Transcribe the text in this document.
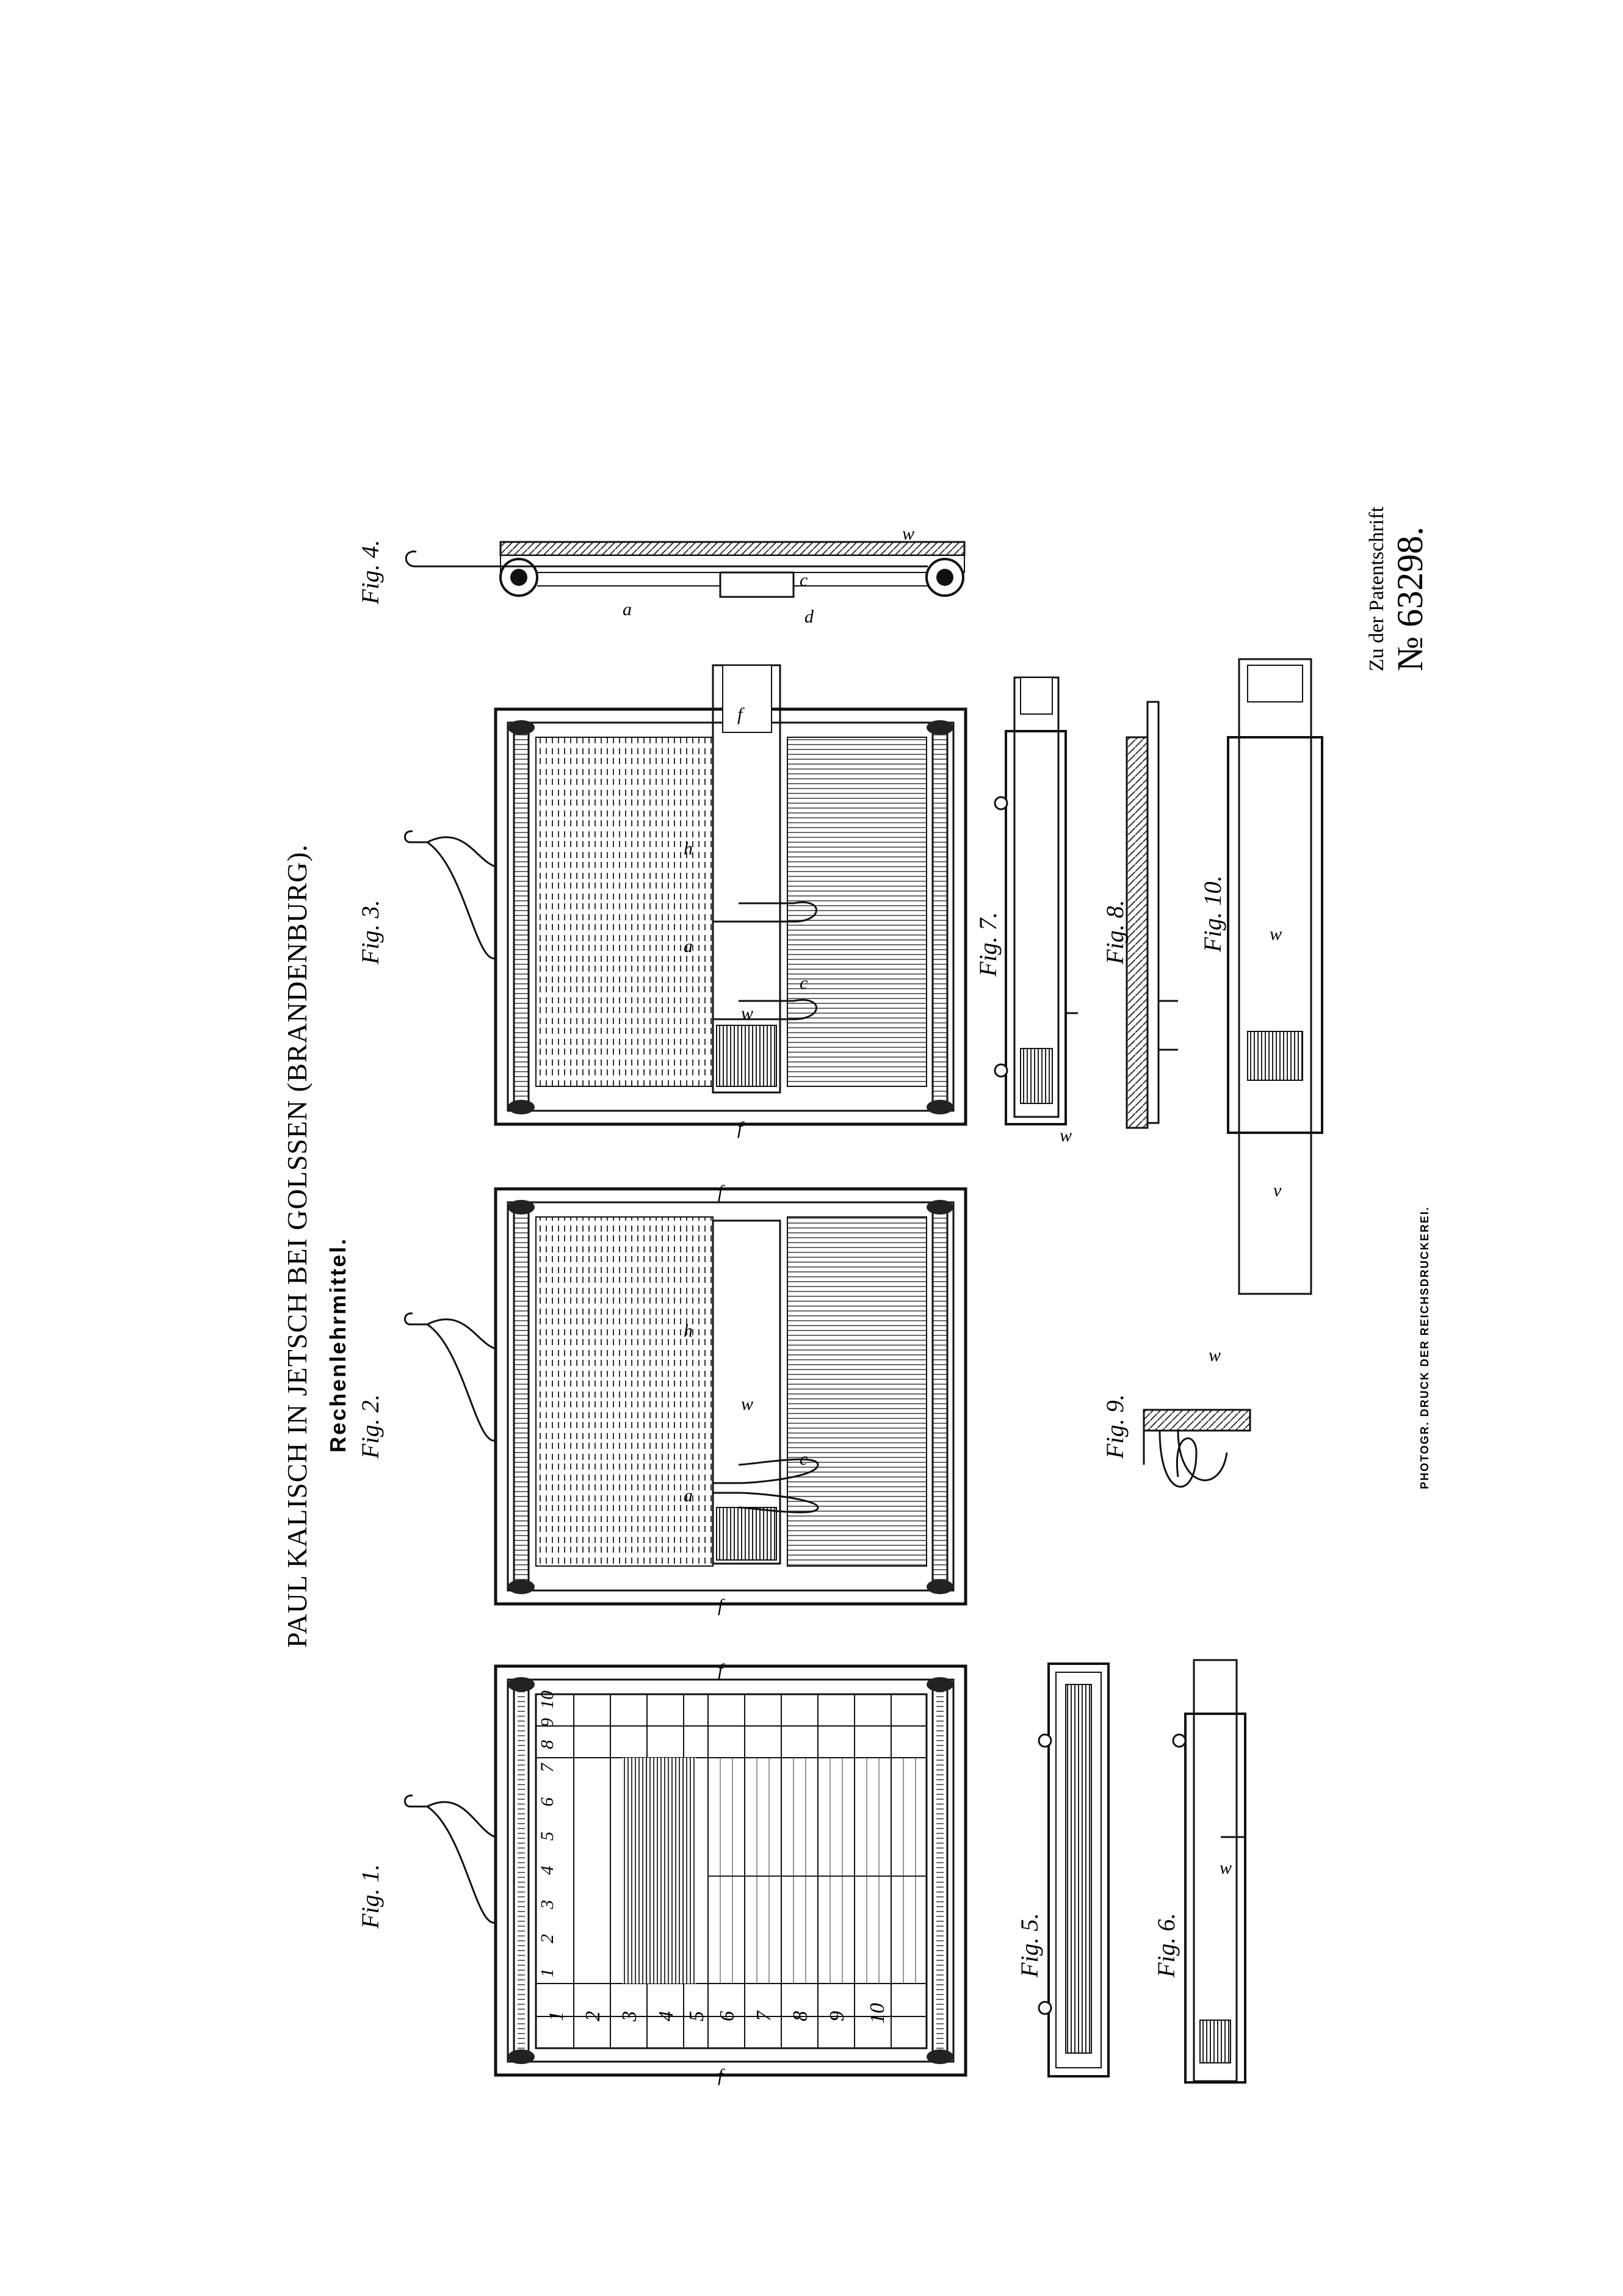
PAUL KALISCH IN JETSCH BEI GOLSSEN (BRANDENBURG). Rechenlehrmittel.
Zu der Patentschrift № 63298.
PHOTOGR. DRUCK DER REICHSDRUCKEREI.
Fig. 1.
Fig. 2.
Fig. 3.
Fig. 4.
Fig. 5.	Fig. 6.
Fig. 7.	Fig. 8.
Fig. 9.
Fig. 10.
1 2 3 4 5 6 7 8 9 10
1
2
3
4
5
6
7
8
9
10
f
f
f
f
f
f
h
h
a
a
a
c
c
c
w
w
w
w
w
w
w
v
d
